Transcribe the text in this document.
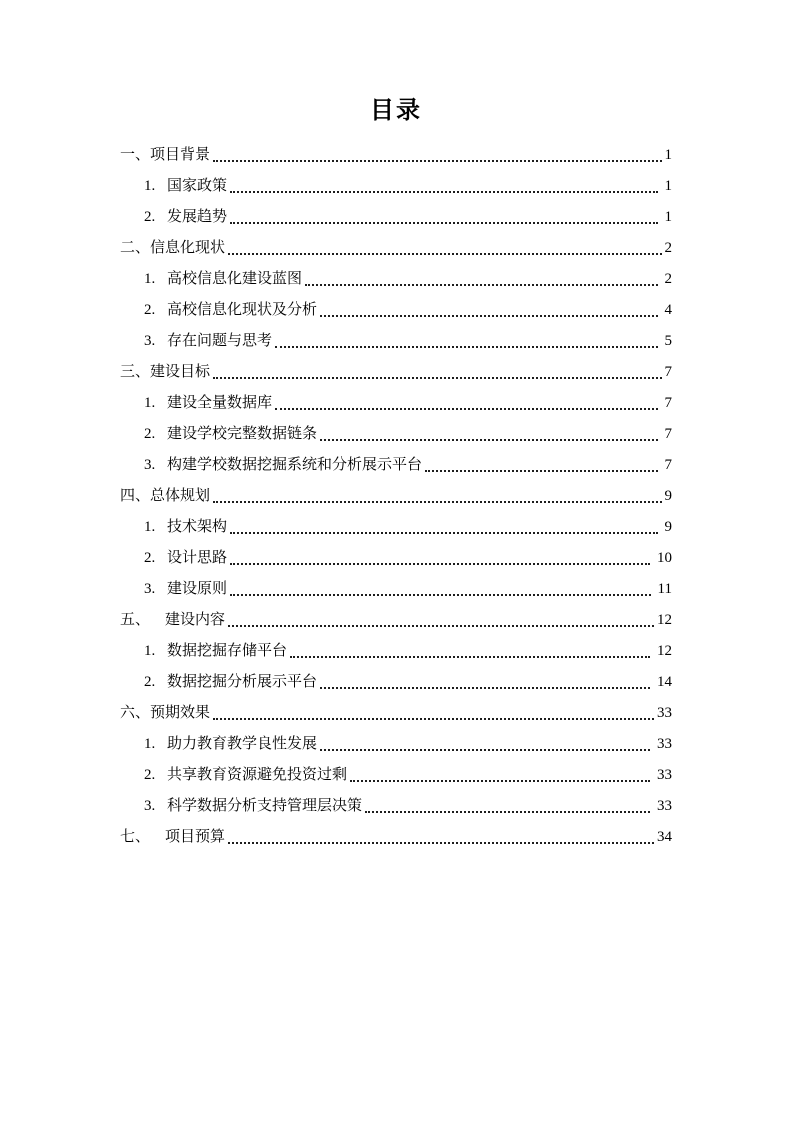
目录
一、 项目背景	1
1. 国家政策	1
2. 发展趋势	1
二、 信息化现状	2
1. 高校信息化建设蓝图	2
2. 高校信息化现状及分析	4
3. 存在问题与思考	5
三、 建设目标	7
1. 建设全量数据库	7
2. 建设学校完整数据链条	7
3. 构建学校数据挖掘系统和分析展示平台	7
四、 总体规划	9
1. 技术架构	9
2. 设计思路	10
3. 建设原则	11
五、 建设内容	12
1. 数据挖掘存储平台	12
2. 数据挖掘分析展示平台	14
六、 预期效果	33
1. 助力教育教学良性发展	33
2. 共享教育资源避免投资过剩	33
3. 科学数据分析支持管理层决策	33
七、 项目预算	34
